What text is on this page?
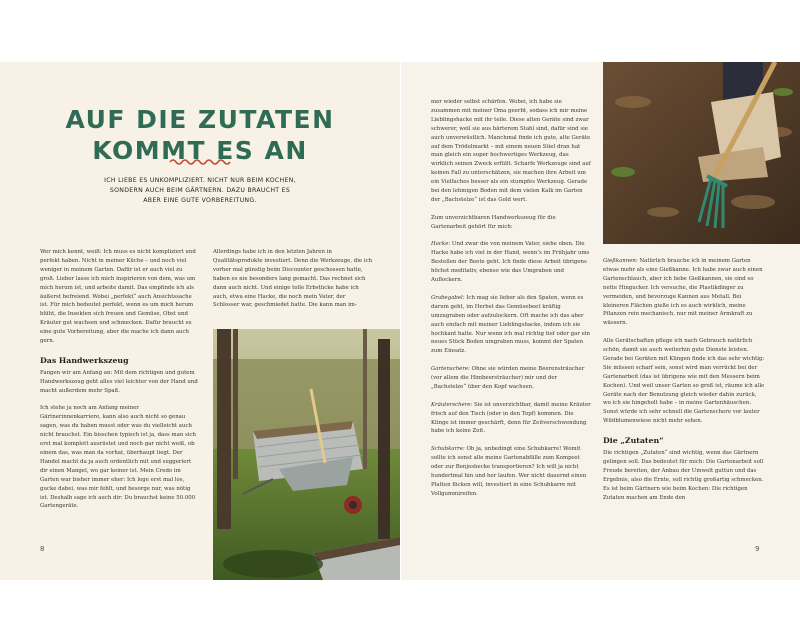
AUF DIE ZUTATEN
KOMMT ES AN
ICH LIEBE ES UNKOMPLIZIERT. NICHT NUR BEIM KOCHEN, SONDERN AUCH BEIM GÄRTNERN. DAZU BRAUCHT ES ABER EINE GUTE VORBEREITUNG.

Wer mich kennt, weiß: Ich muss es nicht kompliziert und perfekt haben. Nicht in meiner Küche – und noch viel weniger in meinem Garten. Dafür ist er auch viel zu groß. Lieber lasse ich mich inspirieren von dem, was um mich herum ist, und arbeite damit. Das empfinde ich als äußerst befreiend. Wobei „perfekt“ auch Ansichtssache ist. Für mich bedeutet perfekt, wenn es um mich herum blüht, die Insekten sich freuen und Gemüse, Obst und Kräuter gut wachsen und schmecken. Dafür braucht es eine gute Vorbereitung, aber die mache ich dann auch gern.

Das Handwerkszeug

Fangen wir am Anfang an: Mit dem richtigen und gutem Handwerkszeug geht alles viel leichter von der Hand und macht außerdem mehr Spaß.

Ich stehe ja noch am Anfang meiner Gärtnerinnenkarriere, kann also auch nicht so genau sagen, was du haben musst oder was du vielleicht auch nicht brauchst. Ein bisschen typisch ist ja, dass man sich erst mal komplett ausrüstet und noch gar nicht weiß, ob einem das, was man da vorhat, überhaupt liegt. Der Handel macht da ja auch ordentlich mit und suggeriert dir einen Mangel, wo gar keiner ist. Mein Credo im Garten war bisher immer eher: Ich lege erst mal los, gucke dabei, was mir fehlt, und besorge nur, was nötig ist. Deshalb sage ich auch dir: Du brauchst keine 50.000 Gartengeräte.

Allerdings habe ich in den letzten Jahren in Qualitätsprodukte investiert. Denn die Werkzeuge, die ich vorher mal günstig beim Discounter geschossen hatte, haben es nie besonders lang gemacht. Das rechnet sich dann auch nicht. Und einige tolle Erbstücke habe ich auch, etwa eine Hacke, die noch mein Vater, der Schlosser war, geschmiedet hatte. Die kann man im-

8

mer wieder selbst schärfen. Wobei, ich habe sie zusammen mit meiner Oma geerbt, sodass ich mir meine Lieblingshacke mit ihr teile. Diese alten Geräte sind zwar schwerer, weil sie aus härterem Stahl sind, dafür sind sie auch unverwüstlich. Manchmal finde ich gute, alte Geräte auf dem Trödelmarkt – mit einem neuen Stiel dran hat man gleich ein super hochwertiges Werkzeug, das wirklich seinen Zweck erfüllt. Scharfe Werkzeuge sind auf keinen Fall zu unterschätzen, sie machen ihre Arbeit um ein Vielfaches besser als ein stumpfes Werkzeug. Gerade bei den lehmigen Boden mit dem vielen Kalk im Garten der „Bachstelze“ ist das Gold wert.

Zum unverzichtbaren Handwerkszeug für die Gartenarbeit gehört für mich:

Hacke: Und zwar die von meinem Vater, siehe oben. Die Hacke habe ich viel in der Hand, wenn’s im Frühjahr ums Bestellen der Beete geht. Ich finde diese Arbeit übrigens höchst meditativ, ebenso wie das Umgraben und Auflockern.

Grabegabel: Ich mag sie lieber als den Spaten, wenn es darum geht, im Herbst das Gemüsebeet kräftig umzugraben oder aufzulockern. Oft mache ich das aber auch einfach mit meiner Lieblingshacke, indem ich sie hochkant halte. Nur wenn ich mal richtig tief oder gar ein neues Stück Boden umgraben muss, kommt der Spaten zum Einsatz.

Gartenschere: Ohne sie würden meine Beerensträucher (vor allem die Himbeersträucher) mir und der „Bachstelze“ über den Kopf wachsen.

Kräuterschere: Sie ist unverzichtbar, damit meine Kräuter frisch auf den Tisch (oder in den Topf) kommen. Die Klinge ist immer geschärft, denn für Zeitverschwendung habe ich keine Zeit.

Schubkarre: Oh ja, unbedingt eine Schubkarre! Womit sollte ich sonst alle meine Gartenabfälle zum Kompost oder zur Benjeshecke transportieren? Ich will ja nicht hundertmal hin und her laufen. Wer nicht dauernd einen Platten flicken will, investiert in eine Schubkarre mit Vollgummireifen.

Gießkannen: Natürlich brauche ich in meinem Garten etwas mehr als eine Gießkanne. Ich habe zwar auch einen Gartenschlauch, aber ich liebe Gießkannen, sie sind so nette Hingucker. Ich versuche, die Plastikdinger zu vermeiden, und bevorzuge Kannen aus Metall. Bei kleineren Flächen gieße ich es auch wirklich, meine Pflanzen rein mechanisch, nur mit meiner Armkraft zu wässern.

Alle Gerätschaften pflege ich nach Gebrauch natürlich schön, damit sie auch weiterhin gute Dienste leisten. Gerade bei Geräten mit Klingen finde ich das sehr wichtig: Sie müssen scharf sein, sonst wird man verrückt bei der Gartenarbeit (das ist übrigens wie mit den Messern beim Kochen). Und weil unser Garten so groß ist, räume ich alle Geräte nach der Benutzung gleich wieder dahin zurück, wo ich sie hingeholt habe – in meine Gartenhäuschen. Sonst würde ich sehr schnell die Gartenschere vor lauter Wildblumenwiese nicht mehr sehen.

Die „Zutaten“

Die richtigen „Zutaten“ sind wichtig, wenn das Gärtnern gelingen soll. Das bedeutet für mich: Die Gartenarbeit soll Freude bereiten, der Anbau der Umwelt guttun und das Ergebnis, also die Ernte, soll richtig großartig schmecken. Es ist beim Gärtnern wie beim Kochen: Die richtigen Zutaten machen am Ende den

9
